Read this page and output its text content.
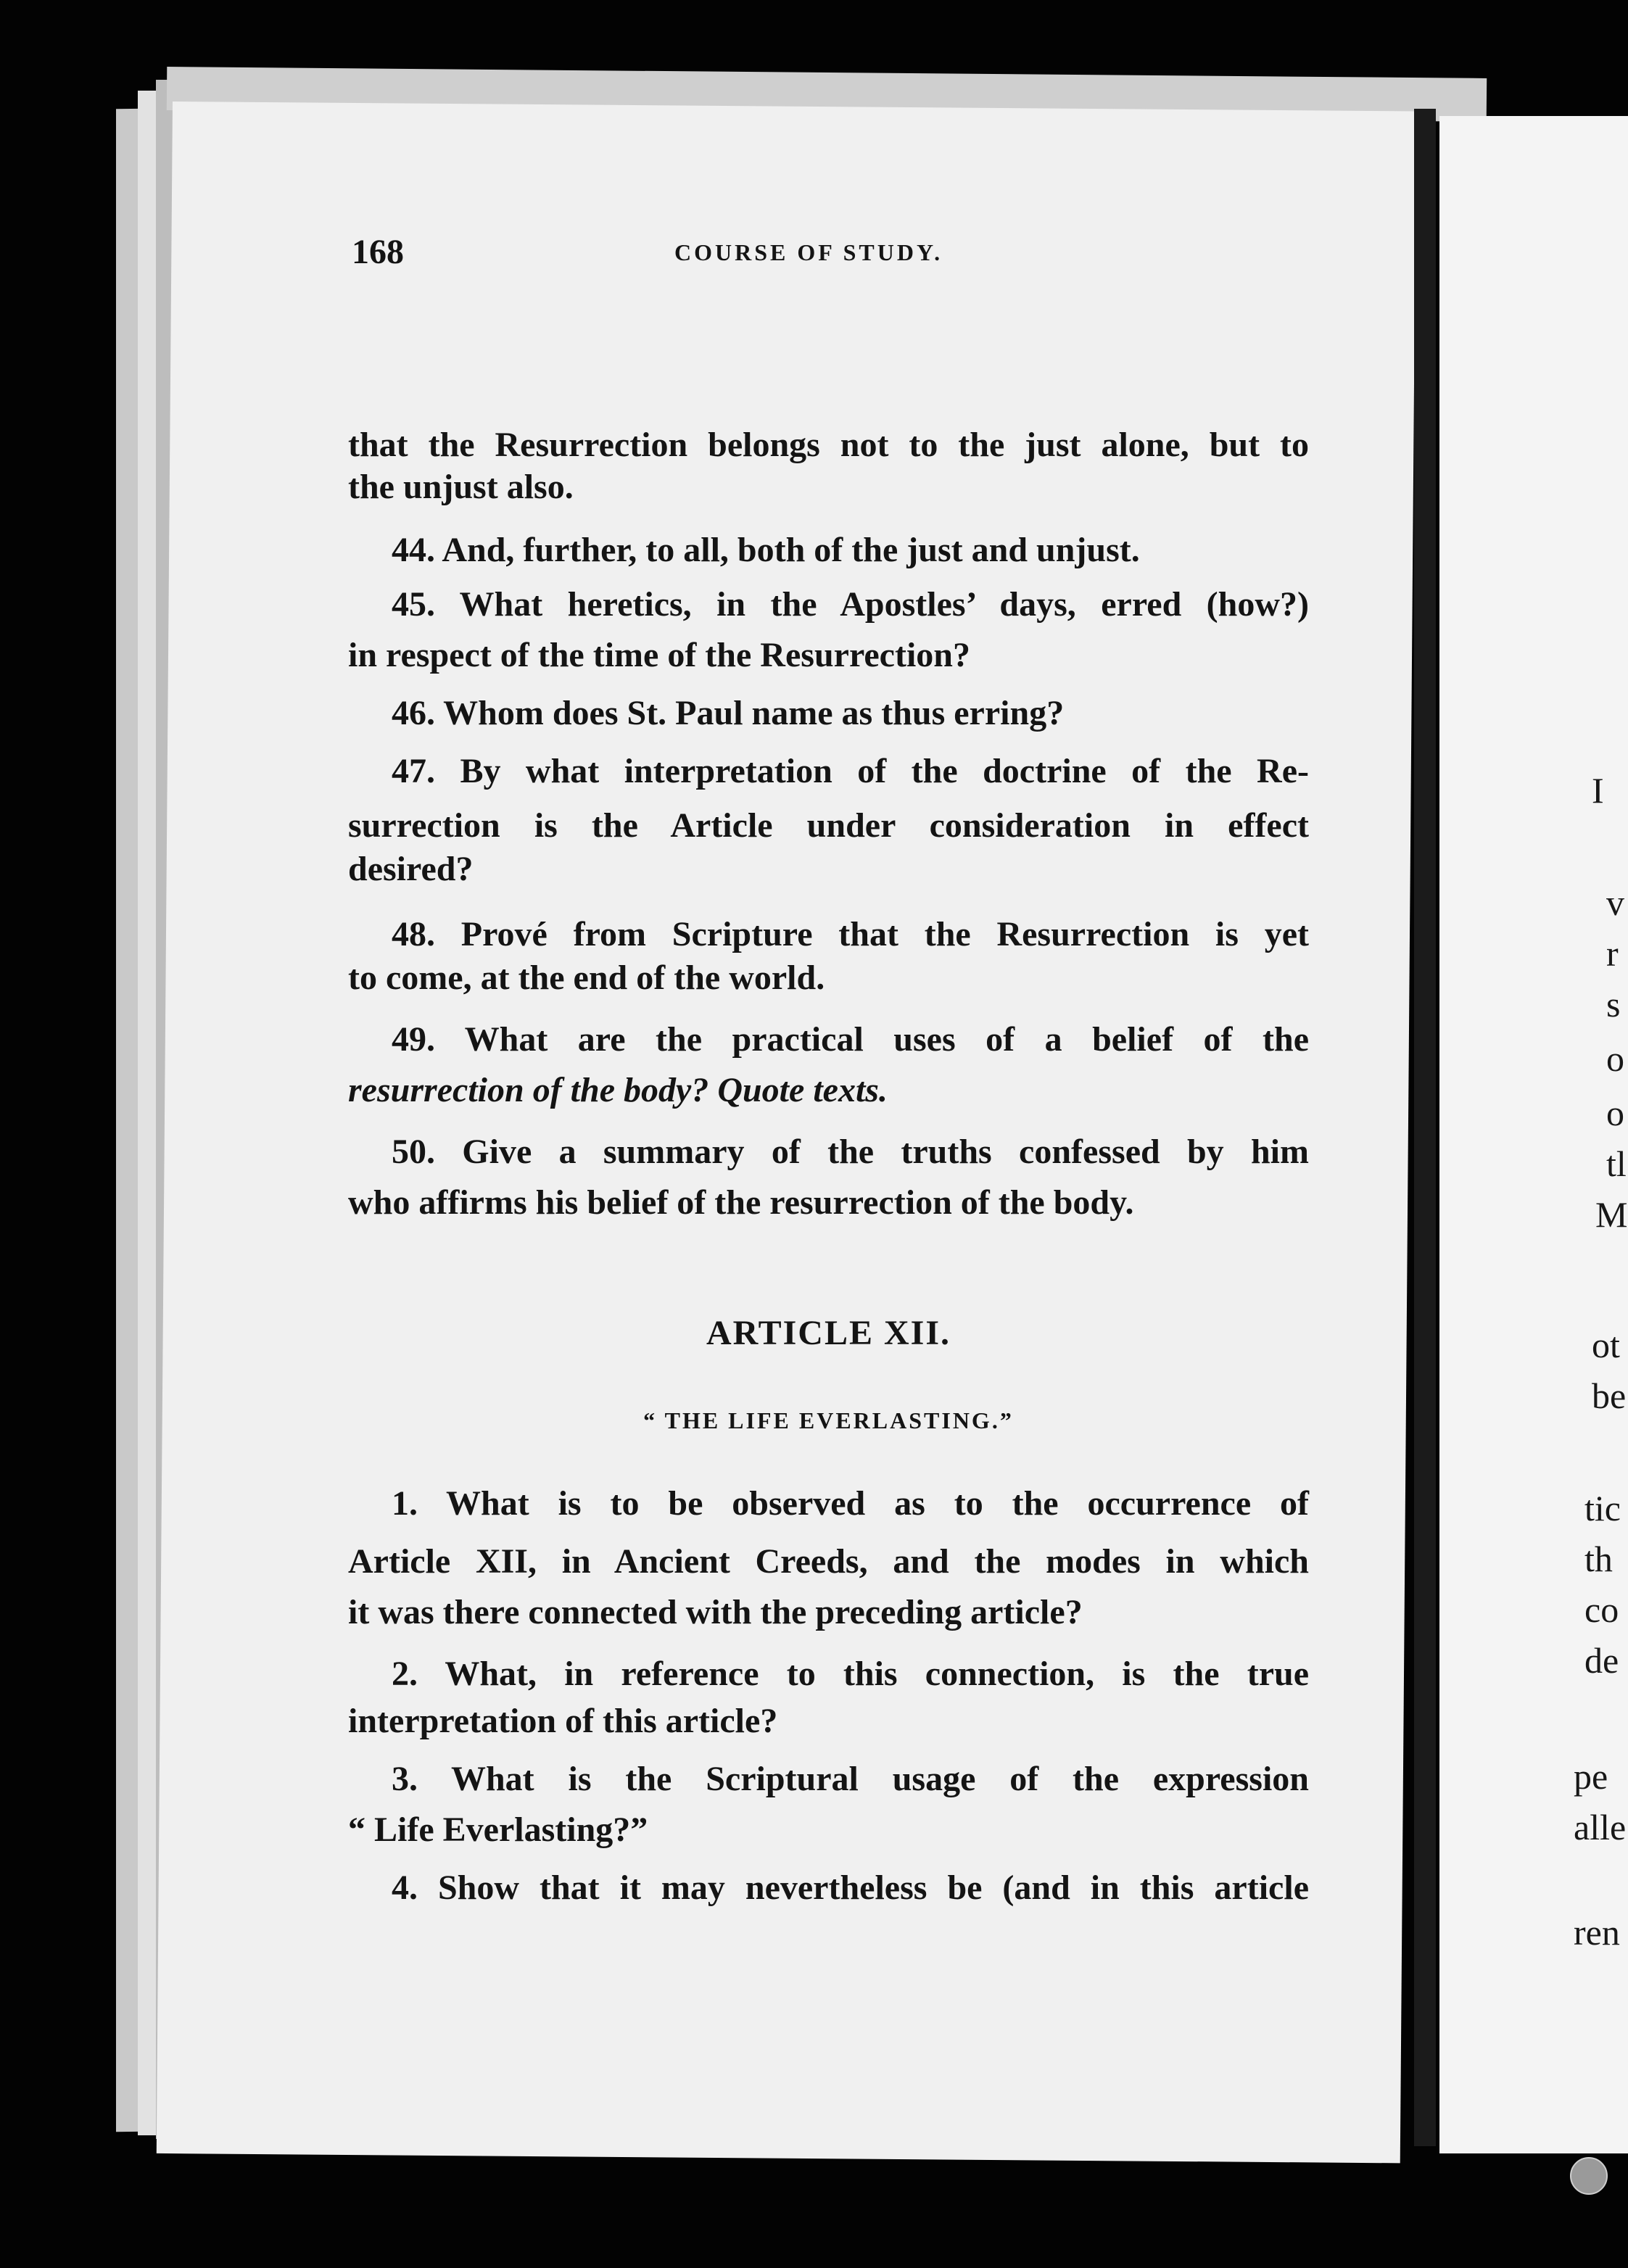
I
v
r
s
o
o
tl
M
ot
be
tic
th
co
de
pe
alle
ren
168	COURSE OF STUDY.
that the Resurrection belongs not to the just alone, but to
the unjust also.
44. And, further, to all, both of the just and unjust.
45. What heretics, in the Apostles’ days, erred (how?)
in respect of the time of the Resurrection?
46. Whom does St. Paul name as thus erring?
47. By what interpretation of the doctrine of the Re-
surrection is the Article under consideration in effect
desired?
48. Prové from Scripture that the Resurrection is yet
to come, at the end of the world.
49. What are the practical uses of a belief of the
resurrection of the body? Quote texts.
50. Give a summary of the truths confessed by him
who affirms his belief of the resurrection of the body.
ARTICLE XII.
“ THE LIFE EVERLASTING.”
1. What is to be observed as to the occurrence of
Article XII, in Ancient Creeds, and the modes in which
it was there connected with the preceding article?
2. What, in reference to this connection, is the true
interpretation of this article?
3. What is the Scriptural usage of the expression
“ Life Everlasting?”
4. Show that it may nevertheless be (and in this article
